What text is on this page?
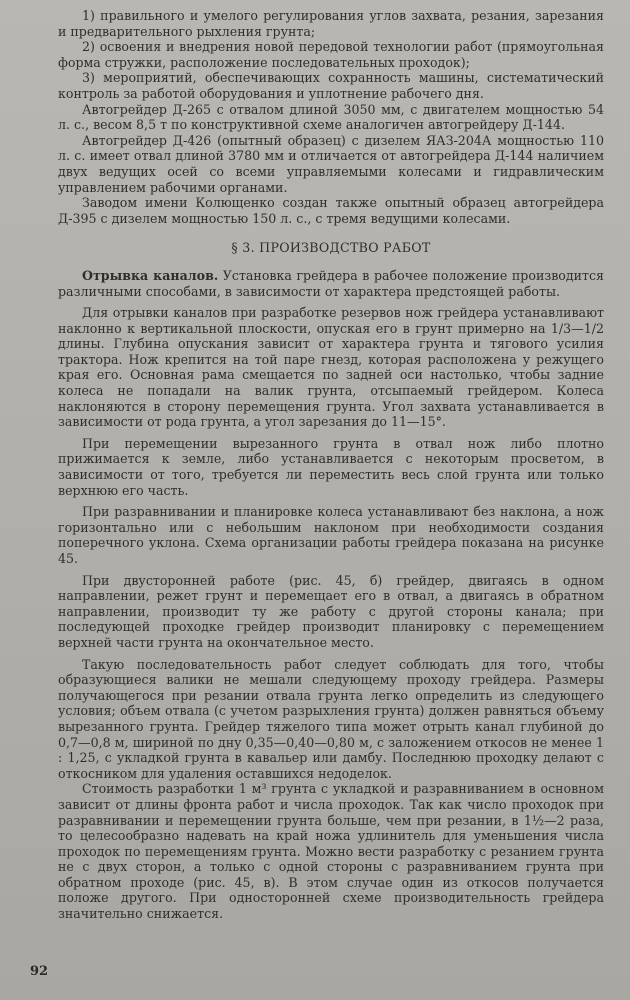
1) правильного и умелого регулирования углов захвата, резания, зарезания и предварительного рыхления грунта;

2) освоения и внедрения новой передовой технологии работ (прямоугольная форма стружки, расположение последовательных проходок);

3) мероприятий, обеспечивающих сохранность машины, систематический контроль за работой оборудования и уплотнение рабочего дня.

Автогрейдер Д-265 с отвалом длиной 3050 мм, с двигателем мощностью 54 л. с., весом 8,5 т по конструктивной схеме аналогичен автогрейдеру Д-144.

Автогрейдер Д-426 (опытный образец) с дизелем ЯАЗ-204А мощностью 110 л. с. имеет отвал длиной 3780 мм и отличается от автогрейдера Д-144 наличием двух ведущих осей со всеми управляемыми колесами и гидравлическим управлением рабочими органами.

Заводом имени Колющенко создан также опытный образец автогрейдера Д-395 с дизелем мощностью 150 л. с., с тремя ведущими колесами.

§ 3. ПРОИЗВОДСТВО РАБОТ

Отрывка каналов. Установка грейдера в рабочее положение производится различными способами, в зависимости от характера предстоящей работы.

Для отрывки каналов при разработке резервов нож грейдера устанавливают наклонно к вертикальной плоскости, опуская его в грунт примерно на 1/3—1/2 длины. Глубина опускания зависит от характера грунта и тягового усилия трактора. Нож крепится на той паре гнезд, которая расположена у режущего края его. Основная рама смещается по задней оси настолько, чтобы задние колеса не попадали на валик грунта, отсыпаемый грейдером. Колеса наклоняются в сторону перемещения грунта. Угол захвата устанавливается в зависимости от рода грунта, а угол зарезания до 11—15°.

При перемещении вырезанного грунта в отвал нож либо плотно прижимается к земле, либо устанавливается с некоторым просветом, в зависимости от того, требуется ли переместить весь слой грунта или только верхнюю его часть.

При разравнивании и планировке колеса устанавливают без наклона, а нож горизонтально или с небольшим наклоном при необходимости создания поперечного уклона. Схема организации работы грейдера показана на рисунке 45.

При двусторонней работе (рис. 45, б) грейдер, двигаясь в одном направлении, режет грунт и перемещает его в отвал, а двигаясь в обратном направлении, производит ту же работу с другой стороны канала; при последующей проходке грейдер производит планировку с перемещением верхней части грунта на окончательное место.

Такую последовательность работ следует соблюдать для того, чтобы образующиеся валики не мешали следующему проходу грейдера. Размеры получающегося при резании отвала грунта легко определить из следующего условия; объем отвала (с учетом разрыхления грунта) должен равняться объему вырезанного грунта. Грейдер тяжелого типа может отрыть канал глубиной до 0,7—0,8 м, шириной по дну 0,35—0,40—0,80 м, с заложением откосов не менее 1 : 1,25, с укладкой грунта в кавальер или дамбу. Последнюю проходку делают с откосником для удаления оставшихся недоделок.

Стоимость разработки 1 м³ грунта с укладкой и разравниванием в основном зависит от длины фронта работ и числа проходок. Так как число проходок при разравнивании и перемещении грунта больше, чем при резании, в 1½—2 раза, то целесообразно надевать на край ножа удлинитель для уменьшения числа проходок по перемещениям грунта. Можно вести разработку с резанием грунта не с двух сторон, а только с одной стороны с разравниванием грунта при обратном проходе (рис. 45, в). В этом случае один из откосов получается положе другого. При односторонней схеме производительность грейдера значительно снижается.

92
